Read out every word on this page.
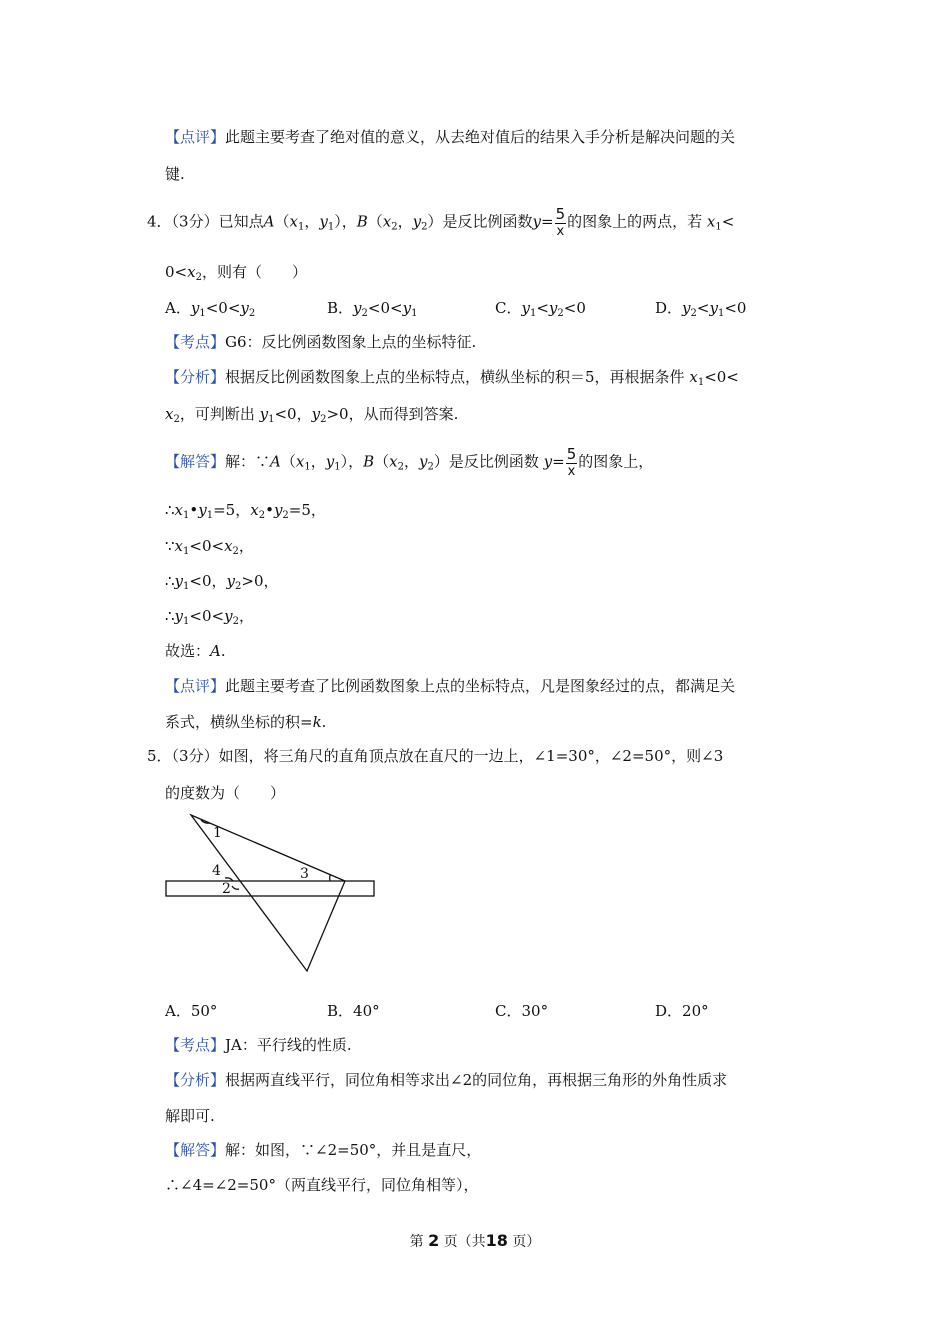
【点评】此题主要考查了绝对值的意义，从去绝对值后的结果入手分析是解决问题的关
键.
4．（3分）已知点$A(x_1$，$y_1$），$B(x_2$，$y_2$）是反比例函数$y= \frac{5}{x}$ 的图象上的两点，若 $x_1<$
$0<x_2$，则有（　　）
A．$y_1<0<y_2$	B．$y_2<0<y_1$	C．$y_1<y_2<0$	D．$y_2<y_1<0$
【考点】G6：反比例函数图象上点的坐标特征.
【分析】根据反比例函数图象上点的坐标特点，横纵坐标的积＝5，再根据条件 $x_1<0<$
$x_2$，可判断出 $y_1<0$，$y_2>0$，从而得到答案.
【解答】解：$\because A(x_1$，$y_1$），$B(x_2$，$y_2$）是反比例函数 $y= \frac{5}{x}$ 的图象上，
$\therefore x_1•y_1=5$，$x_2•y_2=5$，
$\because x_1<0<x_2$，
$\therefore y_1<0$，$y_2>0$，
$\therefore y_1<0<y_2$，
故选：A.
【点评】此题主要考查了比例函数图象上点的坐标特点，凡是图象经过的点，都满足关
系式，横纵坐标的积=k.
5．（3分）如图，将三角尺的直角顶点放在直尺的一边上，∠1=30°，∠2=50°，则∠3
的度数为（　　）
1
4
2
3
A．50°	B．40°	C．30°	D．20°
【考点】JA：平行线的性质.
【分析】根据两直线平行，同位角相等求出∠2的同位角，再根据三角形的外角性质求
解即可.
【解答】解：如图，∵∠2=50°，并且是直尺，
∴∠4=∠2=50°（两直线平行，同位角相等），
第 2 页（共18 页）
